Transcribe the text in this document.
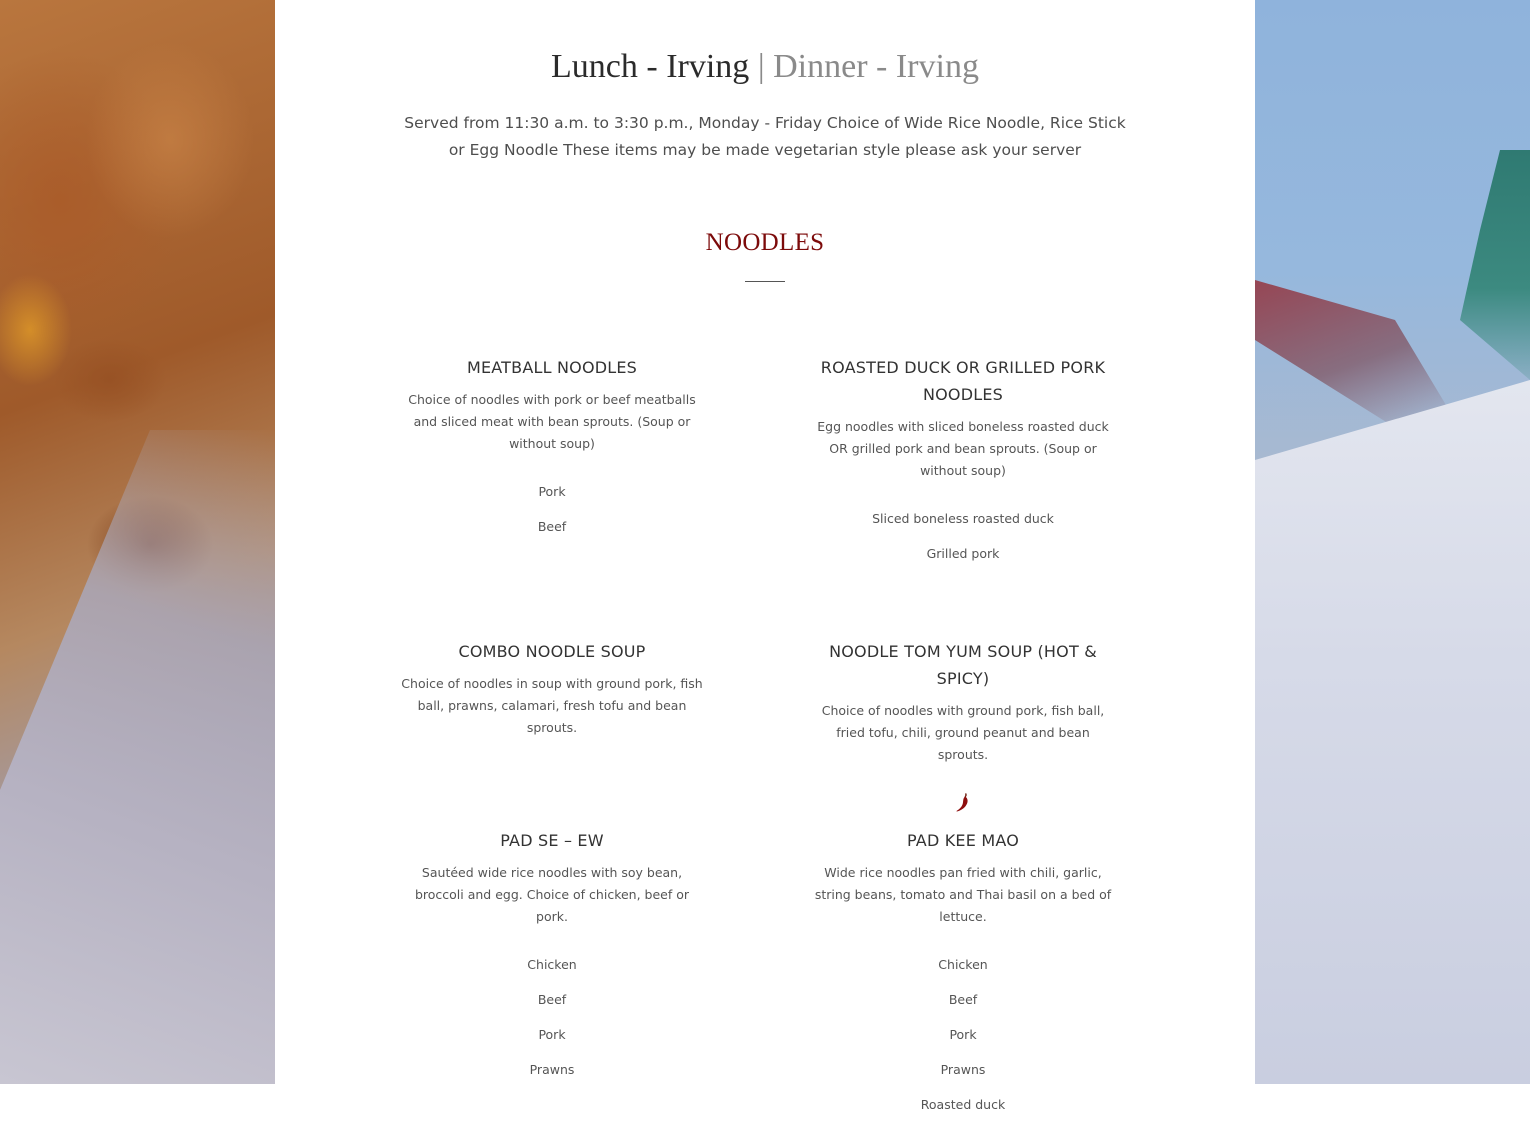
Lunch - Irving | Dinner - Irving
Served from 11:30 a.m. to 3:30 p.m., Monday - Friday Choice of Wide Rice Noodle, Rice Stick or Egg Noodle These items may be made vegetarian style please ask your server
NOODLES
MEATBALL NOODLES
Choice of noodles with pork or beef meatballs and sliced meat with bean sprouts. (Soup or without soup)
Pork
Beef
ROASTED DUCK OR GRILLED PORK NOODLES
Egg noodles with sliced boneless roasted duck OR grilled pork and bean sprouts. (Soup or without soup)
Sliced boneless roasted duck
Grilled pork
COMBO NOODLE SOUP
Choice of noodles in soup with ground pork, fish ball, prawns, calamari, fresh tofu and bean sprouts.
NOODLE TOM YUM SOUP (HOT & SPICY)
Choice of noodles with ground pork, fish ball, fried tofu, chili, ground peanut and bean sprouts.
PAD SE – EW
Sautéed wide rice noodles with soy bean, broccoli and egg. Choice of chicken, beef or pork.
Chicken
Beef
Pork
Prawns
PAD KEE MAO
Wide rice noodles pan fried with chili, garlic, string beans, tomato and Thai basil on a bed of lettuce.
Chicken
Beef
Pork
Prawns
Roasted duck
